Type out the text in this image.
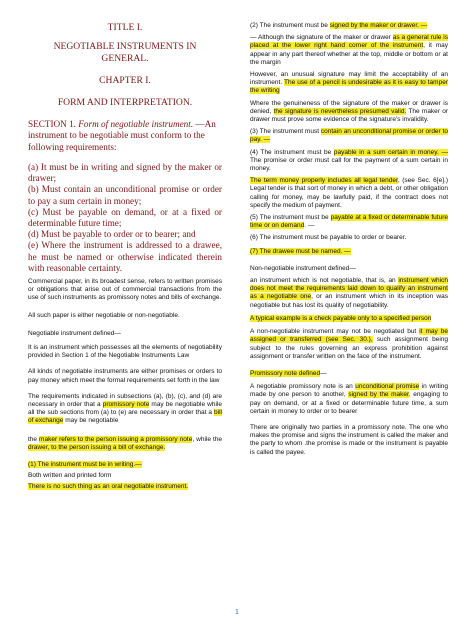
TITLE I.
NEGOTIABLE INSTRUMENTS IN
GENERAL.
CHAPTER I.
FORM AND INTERPRETATION.
SECTION 1. Form of negotiable instrument. —An instrument to be negotiable must conform to the following requirements:
(a) It must be in writing and signed by the maker or drawer;
(b) Must contain an unconditional promise or order to pay a sum certain in money;
(c) Must be payable on demand, or at a fixed or determinable future time;
(d) Must be payable to order or to bearer; and
(e) Where the instrument is addressed to a drawee, he must be named or otherwise indicated therein with reasonable certainty.

Commercial paper, in its broadest sense, refers to written promises or obligations that arise out of commercial transactions from the use of such instruments as promissory notes and bills of exchange.

All such paper is either negotiable or non-negotiable.

Negotiable instrument defined—

It is an instrument which possesses all the elements of negotiability provided in Section 1 of the Negotiable Instruments Law

All kinds of negotiable instruments are either promises or orders to pay money which meet the formal requirements set forth in the law

The requirements indicated in subsections (a), (b), (c), and (d) are necessary in order that a promissory note may be negotiable while all the sub sections from (a) to (e) are necessary in order that a bill of exchange may be negotiable

the maker refers to the person issuing a promissory note, while the drawer, to the person issuing a bill of exchange.

(1) The instrument must be in writing.—

Both written and printed form

There is no such thing as an oral negotiable instrument.

(2) The instrument must be signed by the maker or drawer. —

— Although the signature of the maker or drawer as a general rule is placed at the lower right hand corner of the instrument, it may appear in any part thereof whether at the top, middle or bottom or at the margin

However, an unusual signature may limit the acceptability of an instrument. The use of a pencil is undesirable as it is easy to tamper the writing

Where the genuineness of the signature of the maker or drawer is denied, the signature is nevertheless presumed valid. The maker or drawer must prove some evidence of the signature's invalidity.

(3) The instrument must contain an unconditional promise or order to pay. —

(4) The instrument must be payable in a sum certain in money. — The promise or order must call for the payment of a sum certain in money.

The term money properly includes all legal tender, (see Sec. 6[e].) Legal tender is that sort of money in which a debt, or other obligation calling for money, may be lawfully paid, if the contract does not specify the medium of payment.

(5) The instrument must be payable at a fixed or determinable future time or on demand. —

(6) The instrument must be payable to order or bearer.

(7) The drawee must be named. —

Non-negotiable instrument defined—

an instrument which is not negotiable, that is, an instrument which does not meet the requirements laid down to qualify an instrument as a negotiable one, or an instrument which in its inception was negotiable but has lost its quality of negotiability.

A typical example is a check payable only to a specified person

A non-negotiable instrument may not be negotiated but it may be assigned or transferred (see Sec. 30.), such assignment being subject to the rules governing an express prohibition against assignment or transfer written on the face of the instrument.

Promissory note defined—

A negotiable promissory note is an unconditional promise in writing made by one person to another, signed by the maker, engaging to pay on demand, or at a fixed or determinable future time, a sum certain in money to order or to bearer

There are originally two parties in a promissory note. The one who makes the promise and signs the instrument is called the maker and the party to whom .the promise is made or the instrument is payable is called the payee.

1
